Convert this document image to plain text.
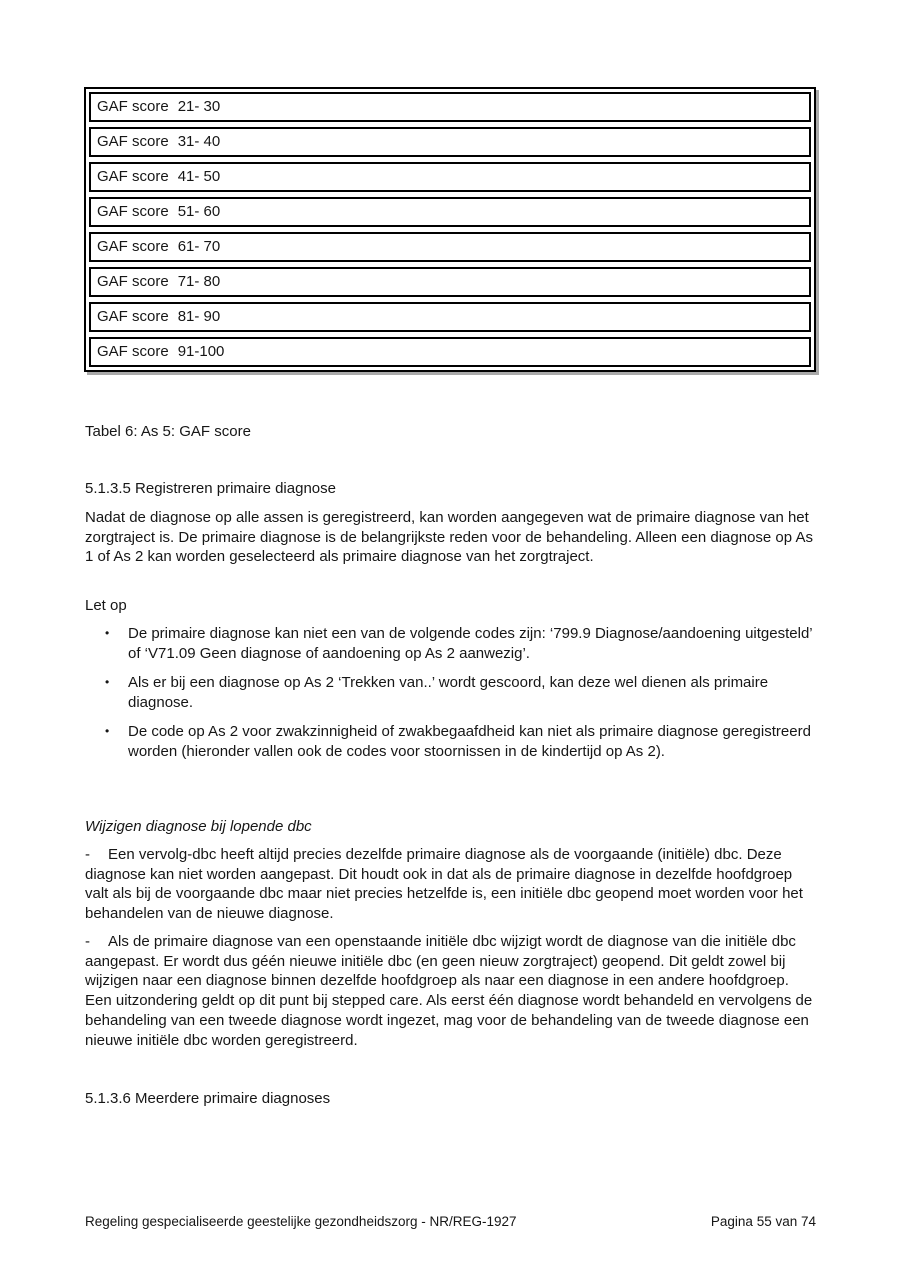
GAF score 21- 30
GAF score 31- 40
GAF score 41- 50
GAF score 51- 60
GAF score 61- 70
GAF score 71- 80
GAF score 81- 90
GAF score 91-100
Tabel 6: As 5: GAF score
5.1.3.5 Registreren primaire diagnose

Nadat de diagnose op alle assen is geregistreerd, kan worden aangegeven wat de primaire diagnose van het zorgtraject is. De primaire diagnose is de belangrijkste reden voor de behandeling. Alleen een diagnose op As 1 of As 2 kan worden geselecteerd als primaire diagnose van het zorgtraject.

Let op
• De primaire diagnose kan niet een van de volgende codes zijn: ‘799.9 Diagnose/aandoening uitgesteld’ of ‘V71.09 Geen diagnose of aandoening op As 2 aanwezig’.
• Als er bij een diagnose op As 2 ‘Trekken van..’ wordt gescoord, kan deze wel dienen als primaire diagnose.
• De code op As 2 voor zwakzinnigheid of zwakbegaafdheid kan niet als primaire diagnose geregistreerd worden (hieronder vallen ook de codes voor stoornissen in de kindertijd op As 2).
Wijzigen diagnose bij lopende dbc

- Een vervolg-dbc heeft altijd precies dezelfde primaire diagnose als de voorgaande (initiële) dbc. Deze diagnose kan niet worden aangepast. Dit houdt ook in dat als de primaire diagnose in dezelfde hoofdgroep valt als bij de voorgaande dbc maar niet precies hetzelfde is, een initiële dbc geopend moet worden voor het behandelen van de nieuwe diagnose.

- Als de primaire diagnose van een openstaande initiële dbc wijzigt wordt de diagnose van die initiële dbc aangepast. Er wordt dus géén nieuwe initiële dbc (en geen nieuw zorgtraject) geopend. Dit geldt zowel bij wijzigen naar een diagnose binnen dezelfde hoofdgroep als naar een diagnose in een andere hoofdgroep. Een uitzondering geldt op dit punt bij stepped care. Als eerst één diagnose wordt behandeld en vervolgens de behandeling van een tweede diagnose wordt ingezet, mag voor de behandeling van de tweede diagnose een nieuwe initiële dbc worden geregistreerd.

5.1.3.6 Meerdere primaire diagnoses
Regeling gespecialiseerde geestelijke gezondheidszorg - NR/REG-1927	Pagina 55 van 74
